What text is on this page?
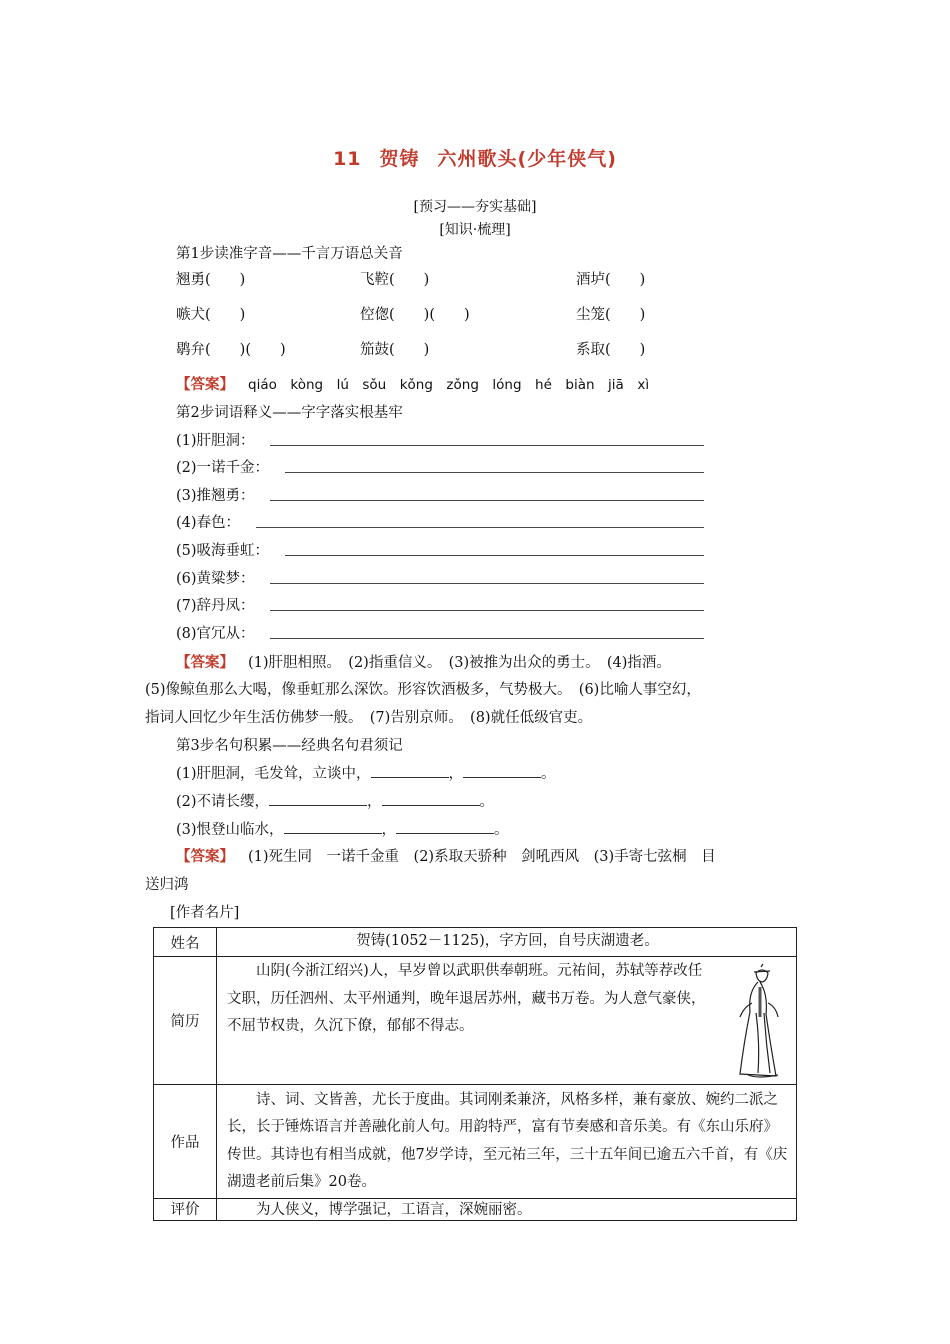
11 贺铸 六州歌头(少年侠气)
[预习——夯实基础]
[知识·梳理]
第1步读准字音——千言万语总关音
翘勇(　　)	飞鞚(　　)	酒垆(　　)
嗾犬(　　)	倥偬(　　)(　　)	尘笼(　　)
鹖弁(　　)(　　)	笳鼓(　　)	系取(　　)
【答案】 qiáo　kòng　lú　sǒu　kǒng　zǒng　lóng　hé　biàn　jiā　xì
第2步词语释义——字字落实根基牢
(1)肝胆洞：
(2)一诺千金：
(3)推翘勇：
(4)春色：
(5)吸海垂虹：
(6)黄粱梦：
(7)辞丹凤：
(8)官冗从：
【答案】 (1)肝胆相照。　(2)指重信义。　(3)被推为出众的勇士。　(4)指酒。
(5)像鲸鱼那么大喝，像垂虹那么深饮。形容饮酒极多，气势极大。　(6)比喻人事空幻，
指词人回忆少年生活仿佛梦一般。　(7)告别京师。　(8)就任低级官吏。
第3步名句积累——经典名句君须记
(1)肝胆洞，毛发耸，立谈中，	，	。
(2)不请长缨，	，	。
(3)恨登山临水，	，	。
【答案】 (1)死生同　一诺千金重　(2)系取天骄种　剑吼西风　(3)手寄七弦桐　目
送归鸿
[作者名片]
姓名	贺铸(1052－1125)，字方回，自号庆湖遗老。
简历	山阴(今浙江绍兴)人，早岁曾以武职供奉朝班。元祐间，苏轼等荐改任文职，历任泗州、太平州通判，晚年退居苏州，藏书万卷。为人意气豪侠，不屈节权贵，久沉下僚，郁郁不得志。

作品	诗、词、文皆善，尤长于度曲。其词刚柔兼济，风格多样，兼有豪放、婉约二派之长，长于锤炼语言并善融化前人句。用韵特严，富有节奏感和音乐美。有《东山乐府》传世。其诗也有相当成就，他7岁学诗，至元祐三年，三十五年间已逾五六千首，有《庆湖遗老前后集》20卷。
评价	为人侠义，博学强记，工语言，深婉丽密。
